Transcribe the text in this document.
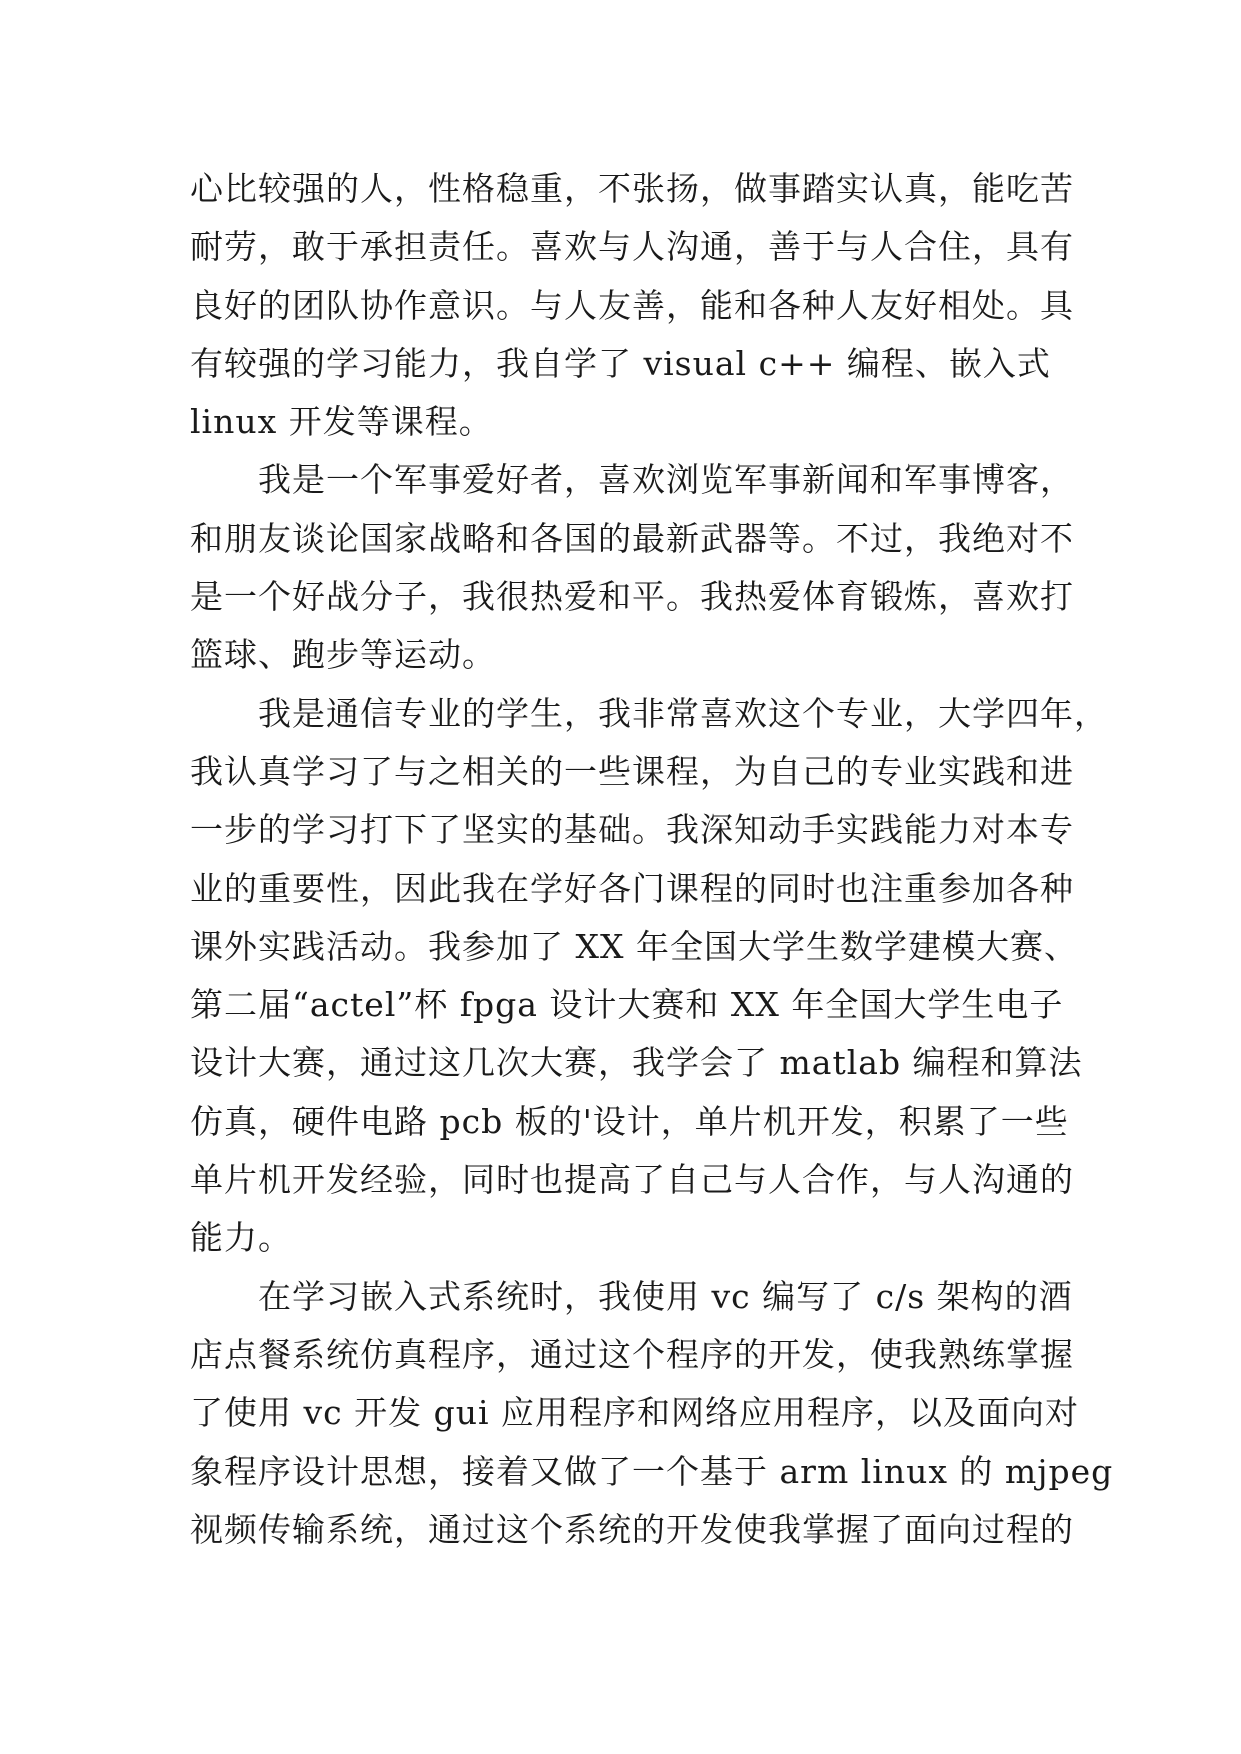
心比较强的人，性格稳重，不张扬，做事踏实认真，能吃苦
耐劳，敢于承担责任。喜欢与人沟通，善于与人合住，具有
良好的团队协作意识。与人友善，能和各种人友好相处。具
有较强的学习能力，我自学了 visual c++ 编程、嵌入式
linux 开发等课程。
我是一个军事爱好者，喜欢浏览军事新闻和军事博客，
和朋友谈论国家战略和各国的最新武器等。不过，我绝对不
是一个好战分子，我很热爱和平。我热爱体育锻炼，喜欢打
篮球、跑步等运动。
我是通信专业的学生，我非常喜欢这个专业，大学四年，
我认真学习了与之相关的一些课程，为自己的专业实践和进
一步的学习打下了坚实的基础。我深知动手实践能力对本专
业的重要性，因此我在学好各门课程的同时也注重参加各种
课外实践活动。我参加了 XX 年全国大学生数学建模大赛、
第二届“actel”杯 fpga 设计大赛和 XX 年全国大学生电子
设计大赛，通过这几次大赛，我学会了 matlab 编程和算法
仿真，硬件电路 pcb 板的'设计，单片机开发，积累了一些
单片机开发经验，同时也提高了自己与人合作，与人沟通的
能力。
在学习嵌入式系统时，我使用 vc 编写了 c/s 架构的酒
店点餐系统仿真程序，通过这个程序的开发，使我熟练掌握
了使用 vc 开发 gui 应用程序和网络应用程序，以及面向对
象程序设计思想，接着又做了一个基于 arm linux 的 mjpeg
视频传输系统，通过这个系统的开发使我掌握了面向过程的
